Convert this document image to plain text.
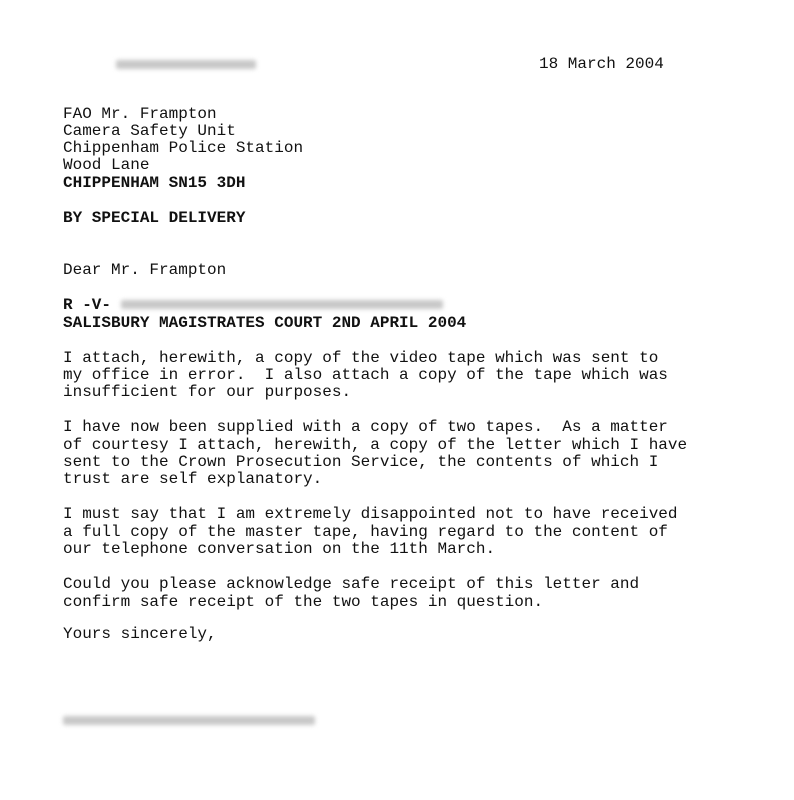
18 March 2004
FAO Mr. Frampton
Camera Safety Unit
Chippenham Police Station
Wood Lane
CHIPPENHAM SN15 3DH
BY SPECIAL DELIVERY
Dear Mr. Frampton
R -V-
SALISBURY MAGISTRATES COURT 2ND APRIL 2004
I attach, herewith, a copy of the video tape which was sent to
my office in error.  I also attach a copy of the tape which was
insufficient for our purposes.
I have now been supplied with a copy of two tapes.  As a matter
of courtesy I attach, herewith, a copy of the letter which I have
sent to the Crown Prosecution Service, the contents of which I
trust are self explanatory.
I must say that I am extremely disappointed not to have received
a full copy of the master tape, having regard to the content of
our telephone conversation on the 11th March.
Could you please acknowledge safe receipt of this letter and
confirm safe receipt of the two tapes in question.
Yours sincerely,
